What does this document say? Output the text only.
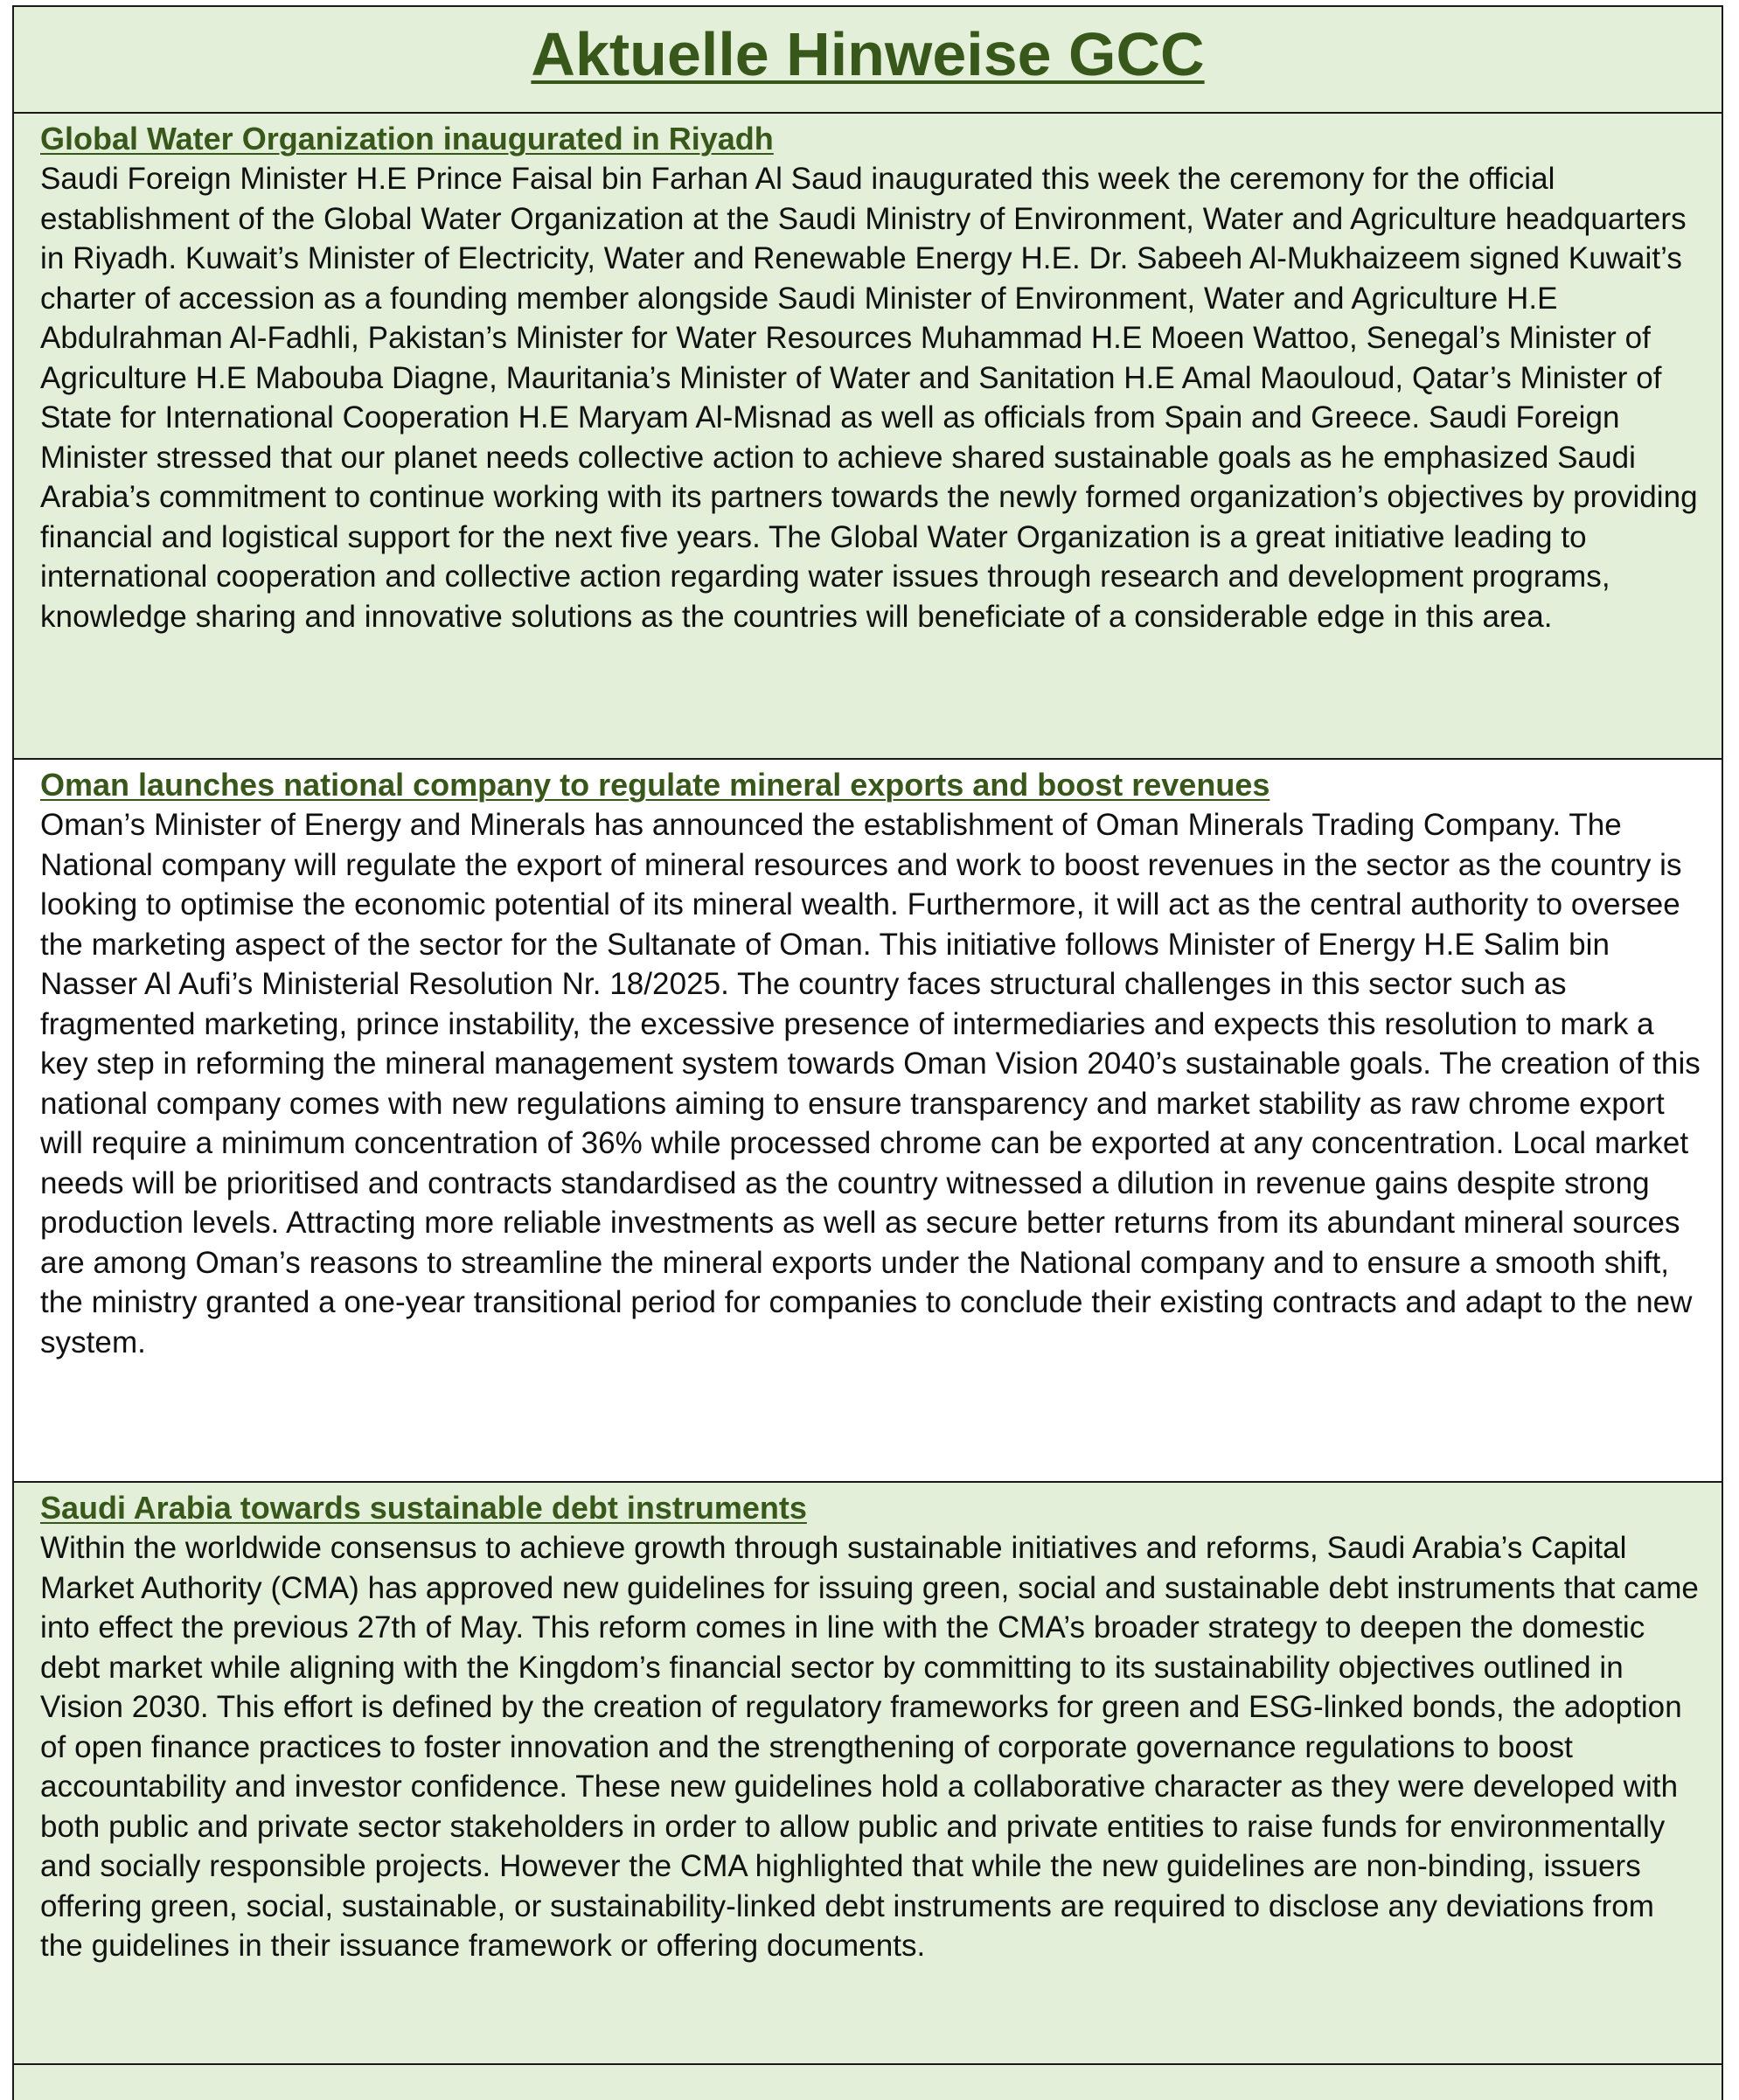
Aktuelle Hinweise GCC
Global Water Organization inaugurated in Riyadh

Saudi Foreign Minister H.E Prince Faisal bin Farhan Al Saud inaugurated this week the ceremony for the official establishment of the Global Water Organization at the Saudi Ministry of Environment, Water and Agriculture headquarters in Riyadh. Kuwait’s Minister of Electricity, Water and Renewable Energy H.E. Dr. Sabeeh Al-Mukhaizeem signed Kuwait’s charter of accession as a founding member alongside Saudi Minister of Environment, Water and Agriculture H.E Abdulrahman Al-Fadhli, Pakistan’s Minister for Water Resources Muhammad H.E Moeen Wattoo, Senegal’s Minister of Agriculture H.E Mabouba Diagne, Mauritania’s Minister of Water and Sanitation H.E Amal Maouloud, Qatar’s Minister of State for International Cooperation H.E Maryam Al-Misnad as well as officials from Spain and Greece. Saudi Foreign Minister stressed that our planet needs collective action to achieve shared sustainable goals as he emphasized Saudi Arabia’s commitment to continue working with its partners towards the newly formed organization’s objectives by providing financial and logistical support for the next five years. The Global Water Organization is a great initiative leading to international cooperation and collective action regarding water issues through research and development programs, knowledge sharing and innovative solutions as the countries will beneficiate of a considerable edge in this area.

Oman launches national company to regulate mineral exports and boost revenues

Oman’s Minister of Energy and Minerals has announced the establishment of Oman Minerals Trading Company. The National company will regulate the export of mineral resources and work to boost revenues in the sector as the country is looking to optimise the economic potential of its mineral wealth. Furthermore, it will act as the central authority to oversee the marketing aspect of the sector for the Sultanate of Oman. This initiative follows Minister of Energy H.E Salim bin Nasser Al Aufi’s Ministerial Resolution Nr. 18/2025. The country faces structural challenges in this sector such as fragmented marketing, prince instability, the excessive presence of intermediaries and expects this resolution to mark a key step in reforming the mineral management system towards Oman Vision 2040’s sustainable goals. The creation of this national company comes with new regulations aiming to ensure transparency and market stability as raw chrome export will require a minimum concentration of 36% while processed chrome can be exported at any concentration. Local market needs will be prioritised and contracts standardised as the country witnessed a dilution in revenue gains despite strong production levels. Attracting more reliable investments as well as secure better returns from its abundant mineral sources are among Oman’s reasons to streamline the mineral exports under the National company and to ensure a smooth shift, the ministry granted a one-year transitional period for companies to conclude their existing contracts and adapt to the new system.

Saudi Arabia towards sustainable debt instruments

Within the worldwide consensus to achieve growth through sustainable initiatives and reforms, Saudi Arabia’s Capital Market Authority (CMA) has approved new guidelines for issuing green, social and sustainable debt instruments that came into effect the previous 27th of May. This reform comes in line with the CMA’s broader strategy to deepen the domestic debt market while aligning with the Kingdom’s financial sector by committing to its sustainability objectives outlined in Vision 2030. This effort is defined by the creation of regulatory frameworks for green and ESG-linked bonds, the adoption of open finance practices to foster innovation and the strengthening of corporate governance regulations to boost accountability and investor confidence. These new guidelines hold a collaborative character as they were developed with both public and private sector stakeholders in order to allow public and private entities to raise funds for environmentally and socially responsible projects. However the CMA highlighted that while the new guidelines are non-binding, issuers offering green, social, sustainable, or sustainability-linked debt instruments are required to disclose any deviations from the guidelines in their issuance framework or offering documents.
